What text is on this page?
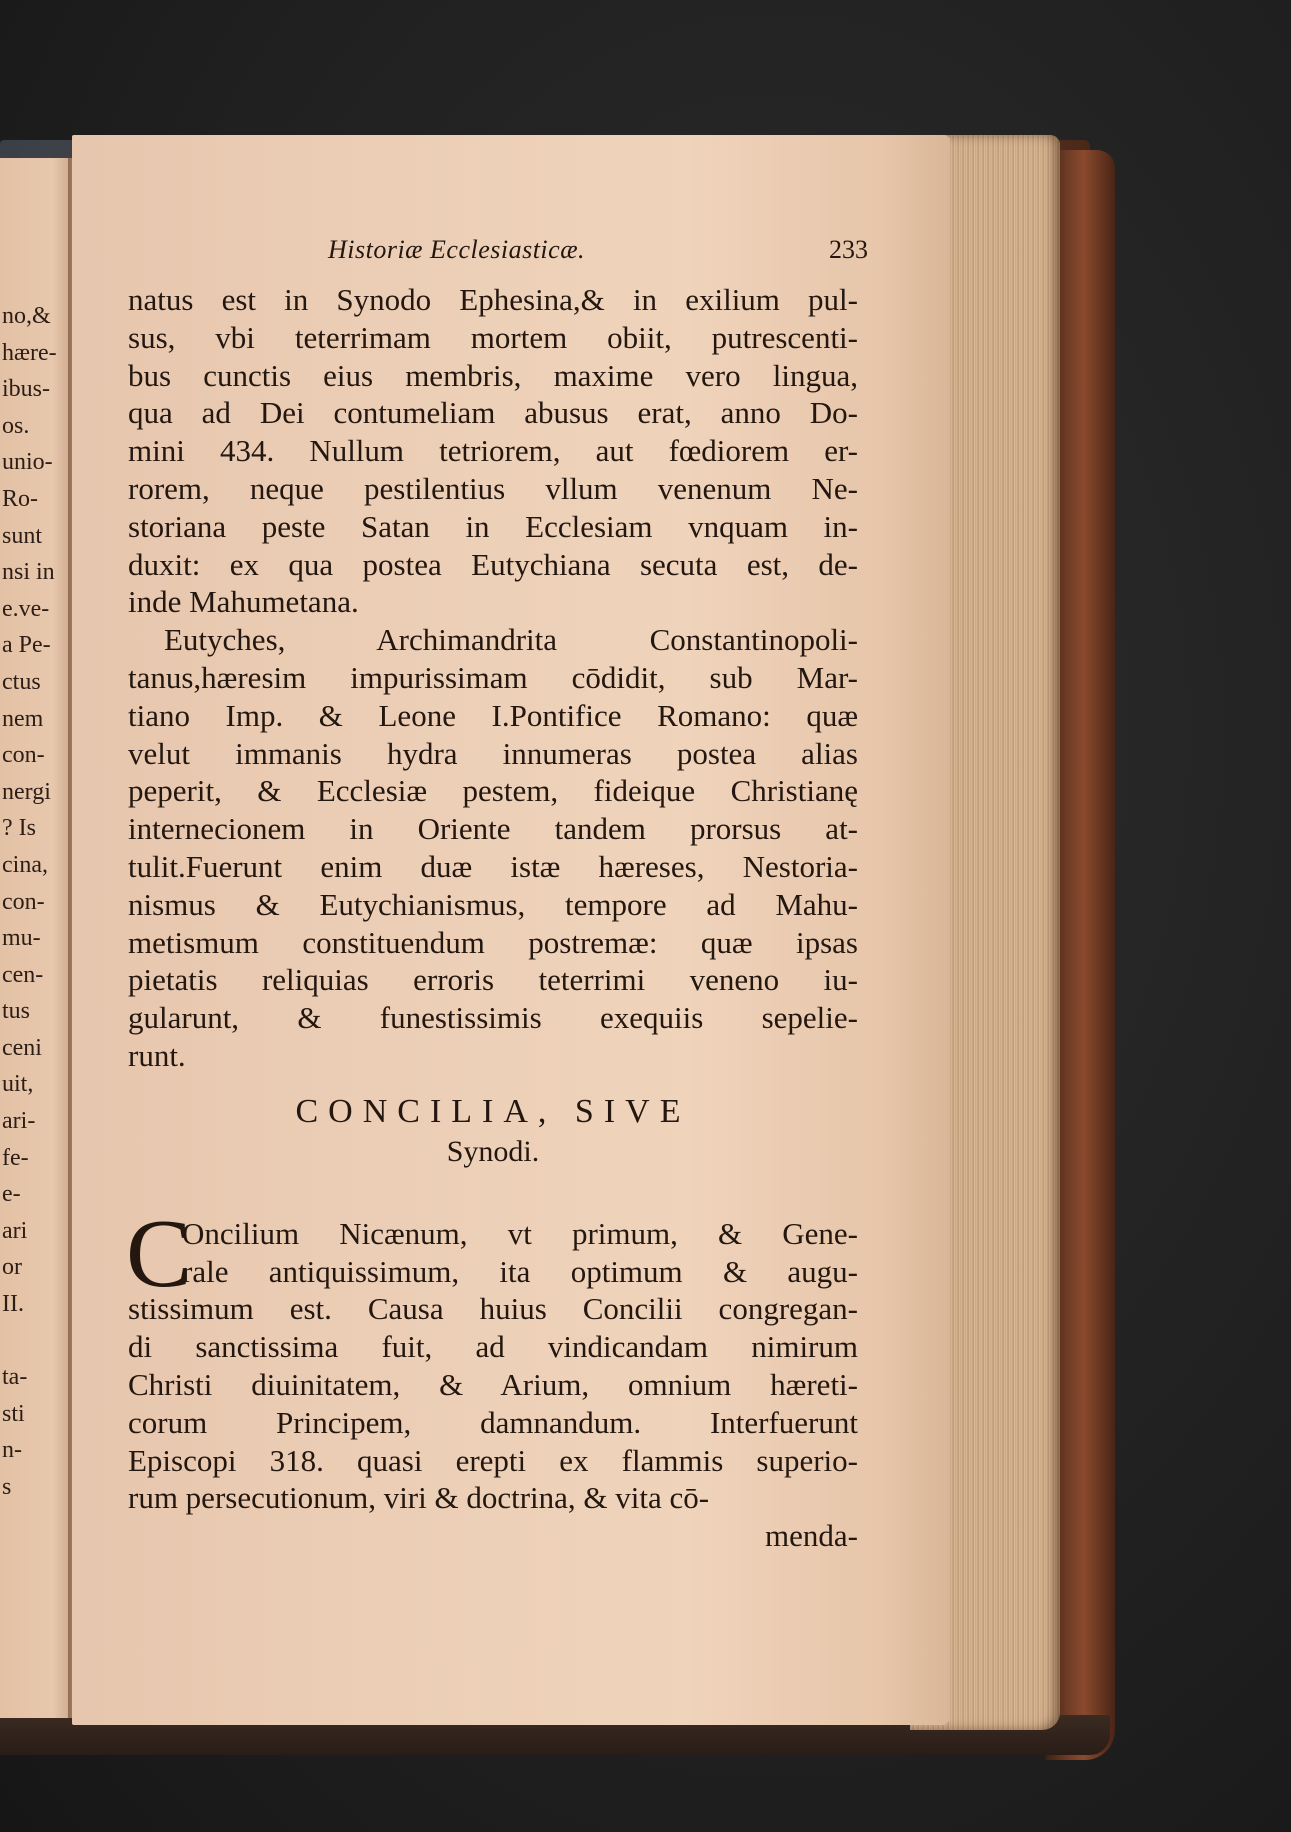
no,&
hære-
ibus-
os.
unio-
Ro-
sunt
nsi in
e.ve-
a Pe-
ctus
nem
con-
nergi
? Is
cina,
con-
mu-
cen-
tus
ceni
uit,
ari-
fe-
e-
ari
or
II.

ta-
sti
n-
s
Historiæ Ecclesiasticæ.	233
natus est in Synodo Ephesina,& in exilium pul-
sus, vbi teterrimam mortem obiit, putrescenti-
bus cunctis eius membris, maxime vero lingua,
qua ad Dei contumeliam abusus erat, anno Do-
mini 434. Nullum tetriorem, aut fœdiorem er-
rorem, neque pestilentius vllum venenum Ne-
storiana peste Satan in Ecclesiam vnquam in-
duxit: ex qua postea Eutychiana secuta est, de-
inde Mahumetana.
Eutyches, Archimandrita Constantinopoli-
tanus,hæresim impurissimam cōdidit, sub Mar-
tiano Imp. & Leone I.Pontifice Romano: quæ
velut immanis hydra innumeras postea alias
peperit, & Ecclesiæ pestem, fideique Christianę
internecionem in Oriente tandem prorsus at-
tulit.Fuerunt enim duæ istæ hæreses, Nestoria-
nismus & Eutychianismus, tempore ad Mahu-
metismum constituendum postremæ: quæ ipsas
pietatis reliquias erroris teterrimi veneno iu-
gularunt, & funestissimis exequiis sepelie-
runt.
CONCILIA, SIVE
Synodi.
C
Oncilium Nicænum, vt primum, & Gene-
rale antiquissimum, ita optimum & augu-
stissimum est. Causa huius Concilii congregan-
di sanctissima fuit, ad vindicandam nimirum
Christi diuinitatem, & Arium, omnium hæreti-
corum Principem, damnandum. Interfuerunt
Episcopi 318. quasi erepti ex flammis superio-
rum persecutionum, viri & doctrina, & vita cō-
menda-
